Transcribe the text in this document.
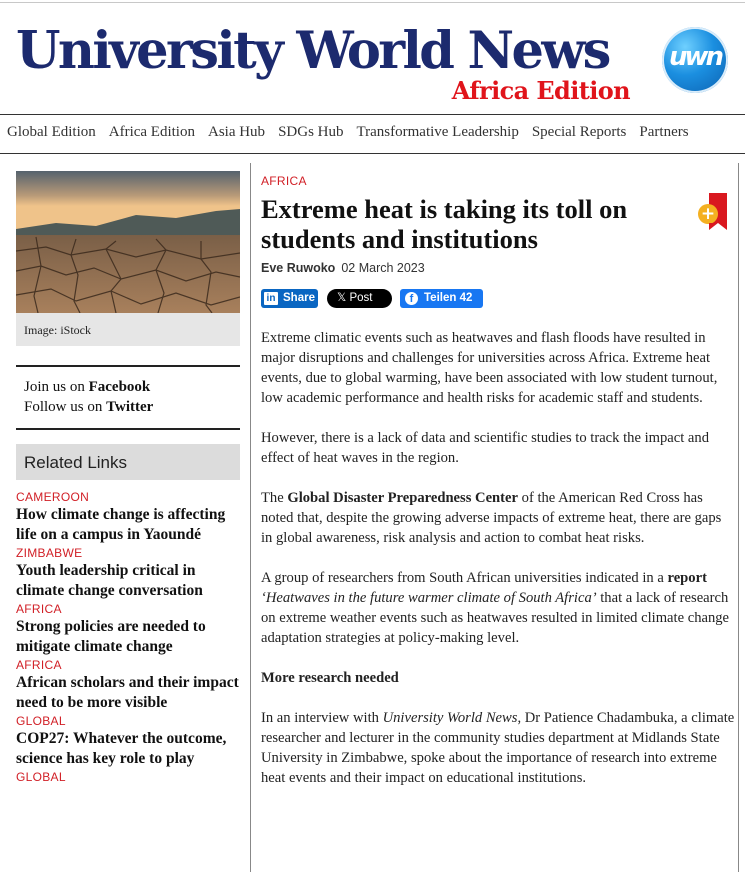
University World News
Africa Edition
uwn
Global Edition Africa Edition Asia Hub SDGs Hub Transformative Leadership Special Reports Partners
Image: iStock
Join us on Facebook
Follow us on Twitter
Related Links
CAMEROON
How climate change is affecting life on a campus in Yaoundé
ZIMBABWE
Youth leadership critical in climate change conversation
AFRICA
Strong policies are needed to mitigate climate change
AFRICA
African scholars and their impact need to be more visible
GLOBAL
COP27: Whatever the outcome, science has key role to play
GLOBAL
AFRICA
Extreme heat is taking its toll on students and institutions
Eve Ruwoko 02 March 2023
+
in Share 𝕏 Post	f Teilen 42

Extreme climatic events such as heatwaves and flash floods have resulted in major disruptions and challenges for universities across Africa. Extreme heat events, due to global warming, have been associated with low student turnout, low academic performance and health risks for academic staff and students.

However, there is a lack of data and scientific studies to track the impact and effect of heat waves in the region.

The Global Disaster Preparedness Center of the American Red Cross has noted that, despite the growing adverse impacts of extreme heat, there are gaps in global awareness, risk analysis and action to combat heat risks.

A group of researchers from South African universities indicated in a report ‘Heatwaves in the future warmer climate of South Africa’ that a lack of research on extreme weather events such as heatwaves resulted in limited climate change adaptation strategies at policy-making level.

More research needed

In an interview with University World News, Dr Patience Chadambuka, a climate researcher and lecturer in the community studies department at Midlands State University in Zimbabwe, spoke about the importance of research into extreme heat events and their impact on educational institutions.
